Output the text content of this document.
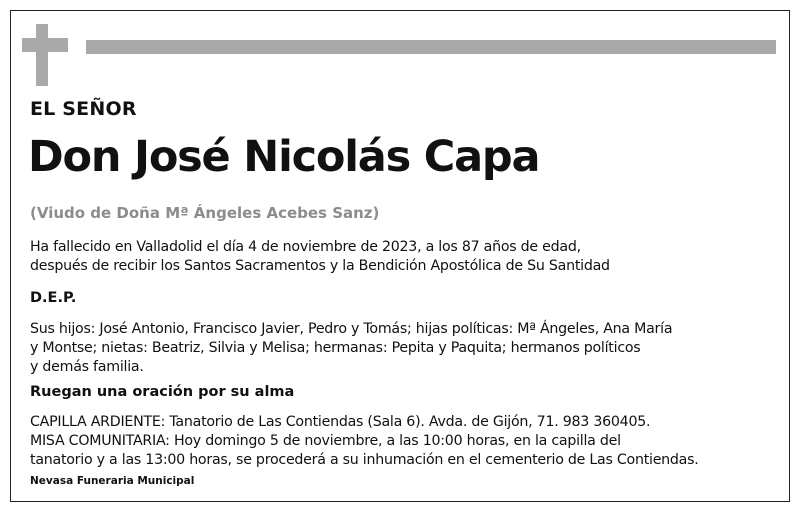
EL SEÑOR
Don José Nicolás Capa
(Viudo de Doña Mª Ángeles Acebes Sanz)
Ha fallecido en Valladolid el día 4 de noviembre de 2023, a los 87 años de edad,
después de recibir los Santos Sacramentos y la Bendición Apostólica de Su Santidad
D.E.P.
Sus hijos: José Antonio, Francisco Javier, Pedro y Tomás; hijas políticas: Mª Ángeles, Ana María
y Montse; nietas: Beatriz, Silvia y Melisa; hermanas: Pepita y Paquita; hermanos políticos
y demás familia.
Ruegan una oración por su alma
CAPILLA ARDIENTE: Tanatorio de Las Contiendas (Sala 6). Avda. de Gijón, 71. 983 360405.
MISA COMUNITARIA: Hoy domingo 5 de noviembre, a las 10:00 horas, en la capilla del
tanatorio y a las 13:00 horas, se procederá a su inhumación en el cementerio de Las Contiendas.
Nevasa Funeraria Municipal
